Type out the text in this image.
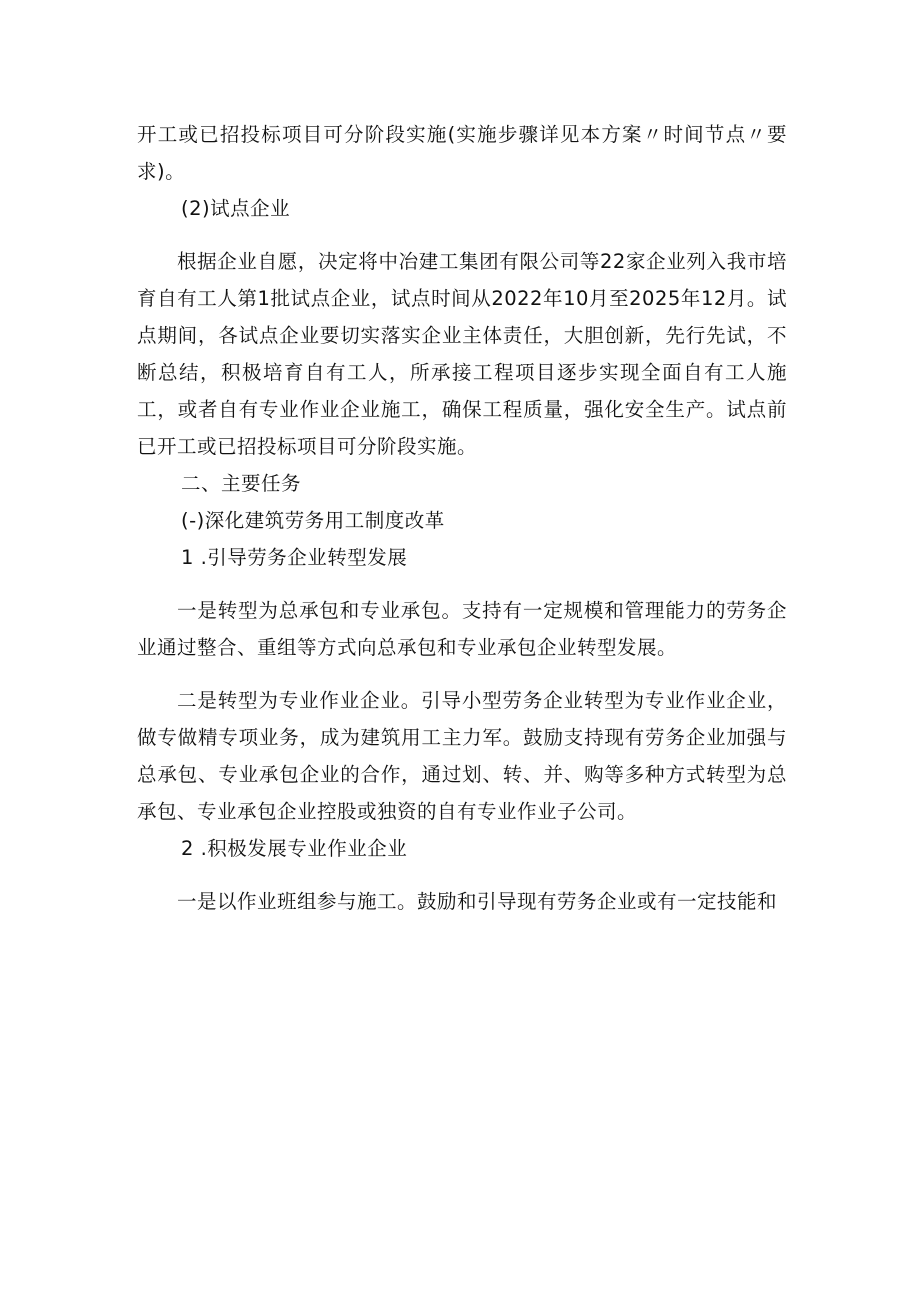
开工或已招投标项目可分阶段实施(实施步骤详见本方案〃时间节点〃要求)。

(2)试点企业

根据企业自愿，决定将中冶建工集团有限公司等22家企业列入我市培育自有工人第1批试点企业，试点时间从2022年10月至2025年12月。试点期间，各试点企业要切实落实企业主体责任，大胆创新，先行先试，不断总结，积极培育自有工人，所承接工程项目逐步实现全面自有工人施工，或者自有专业作业企业施工，确保工程质量，强化安全生产。试点前已开工或已招投标项目可分阶段实施。

二、主要任务

(-)深化建筑劳务用工制度改革

1 .引导劳务企业转型发展

一是转型为总承包和专业承包。支持有一定规模和管理能力的劳务企业通过整合、重组等方式向总承包和专业承包企业转型发展。

二是转型为专业作业企业。引导小型劳务企业转型为专业作业企业，做专做精专项业务，成为建筑用工主力军。鼓励支持现有劳务企业加强与总承包、专业承包企业的合作，通过划、转、并、购等多种方式转型为总承包、专业承包企业控股或独资的自有专业作业子公司。

2 .积极发展专业作业企业

一是以作业班组参与施工。鼓励和引导现有劳务企业或有一定技能和
